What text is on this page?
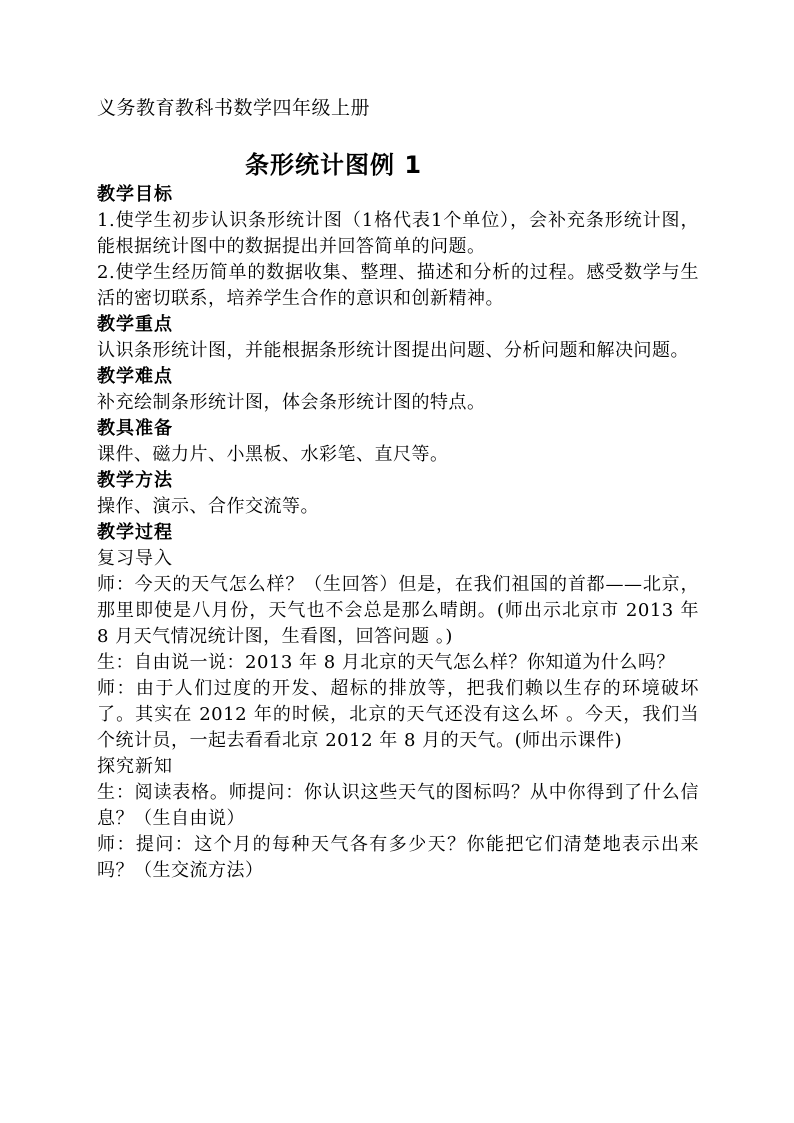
义务教育教科书数学四年级上册

条形统计图例 1
教学目标

1.使学生初步认识条形统计图（1格代表1个单位），会补充条形统计图，能根据统计图中的数据提出并回答简单的问题。

2.使学生经历简单的数据收集、整理、描述和分析的过程。感受数学与生活的密切联系，培养学生合作的意识和创新精神。

教学重点

认识条形统计图，并能根据条形统计图提出问题、分析问题和解决问题。

教学难点

补充绘制条形统计图，体会条形统计图的特点。

教具准备

课件、磁力片、小黑板、水彩笔、直尺等。

教学方法

操作、演示、合作交流等。

教学过程

复习导入

师：今天的天气怎么样？（生回答）但是，在我们祖国的首都——北京，那里即使是八月份，天气也不会总是那么晴朗。(师出示北京市 2013 年 8 月天气情况统计图，生看图，回答问题 。)

生：自由说一说：2013 年 8 月北京的天气怎么样？你知道为什么吗？

师：由于人们过度的开发、超标的排放等，把我们赖以生存的环境破坏了。其实在 2012 年的时候，北京的天气还没有这么坏 。今天，我们当个统计员，一起去看看北京 2012 年 8 月的天气。(师出示课件)

探究新知

生：阅读表格。师提问：你认识这些天气的图标吗？从中你得到了什么信息？（生自由说）

师：提问：这个月的每种天气各有多少天？你能把它们清楚地表示出来吗？（生交流方法）
